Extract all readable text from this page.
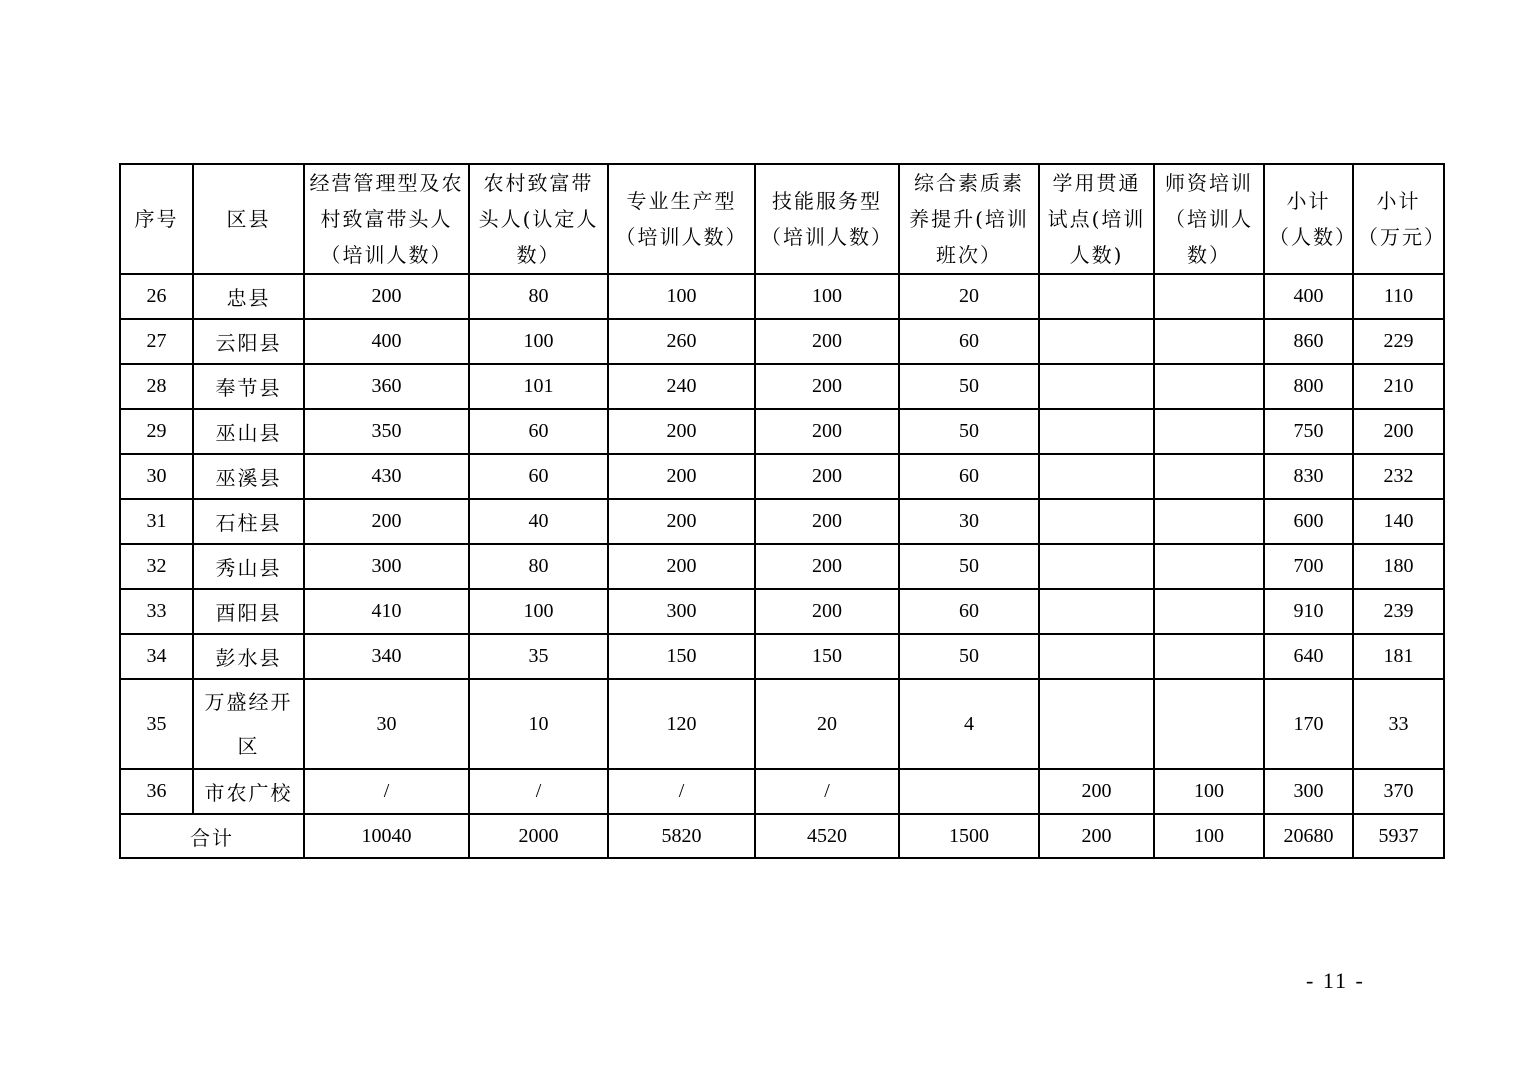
序号	区县	经营管理型及农村致富带头人（培训人数）	农村致富带头人(认定人数）	专业生产型（培训人数）	技能服务型（培训人数）	综合素质素养提升(培训班次）	学用贯通试点(培训人数)	师资培训（培训人数）	小计（人数）	小计（万元）
26	忠县	200	80	100	100	20			400	110
27	云阳县	400	100	260	200	60			860	229
28	奉节县	360	101	240	200	50			800	210
29	巫山县	350	60	200	200	50			750	200
30	巫溪县	430	60	200	200	60			830	232
31	石柱县	200	40	200	200	30			600	140
32	秀山县	300	80	200	200	50			700	180
33	酉阳县	410	100	300	200	60			910	239
34	彭水县	340	35	150	150	50			640	181
35	万盛经开区	30	10	120	20	4			170	33
36	市农广校	/	/	/	/		200	100	300	370
合计		10040	2000	5820	4520	1500	200	100	20680	5937
- 11 -
